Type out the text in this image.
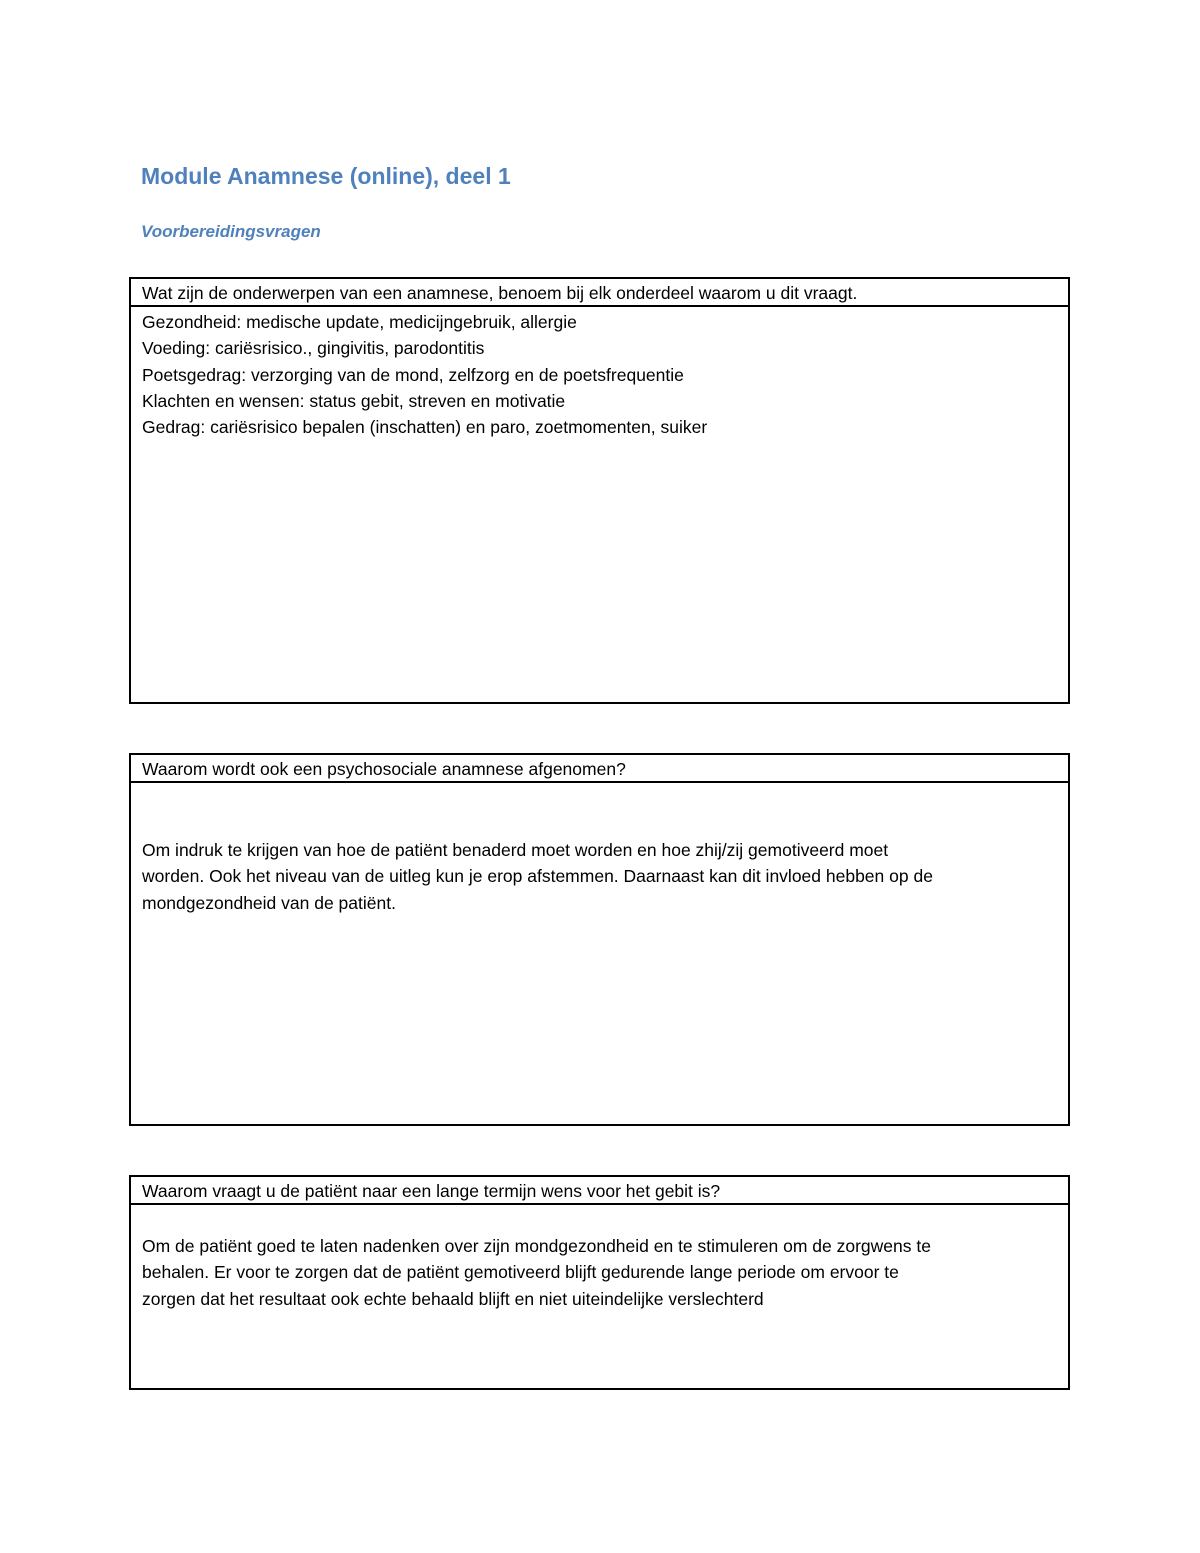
Module Anamnese (online), deel 1
Voorbereidingsvragen
Wat zijn de onderwerpen van een anamnese, benoem bij elk onderdeel waarom u dit vraagt.
Gezondheid: medische update, medicijngebruik, allergie
Voeding: cariësrisico., gingivitis, parodontitis
Poetsgedrag: verzorging van de mond, zelfzorg en de poetsfrequentie
Klachten en wensen: status gebit, streven en motivatie
Gedrag: cariësrisico bepalen (inschatten) en paro, zoetmomenten, suiker
Waarom wordt ook een psychosociale anamnese afgenomen?
Om indruk te krijgen van hoe de patiënt benaderd moet worden en hoe zhij/zij gemotiveerd moet
worden. Ook het niveau van de uitleg kun je erop afstemmen. Daarnaast kan dit invloed hebben op de
mondgezondheid van de patiënt.
Waarom vraagt u de patiënt naar een lange termijn wens voor het gebit is?
Om de patiënt goed te laten nadenken over zijn mondgezondheid en te stimuleren om de zorgwens te
behalen. Er voor te zorgen dat de patiënt gemotiveerd blijft gedurende lange periode om ervoor te
zorgen dat het resultaat ook echte behaald blijft en niet uiteindelijke verslechterd
